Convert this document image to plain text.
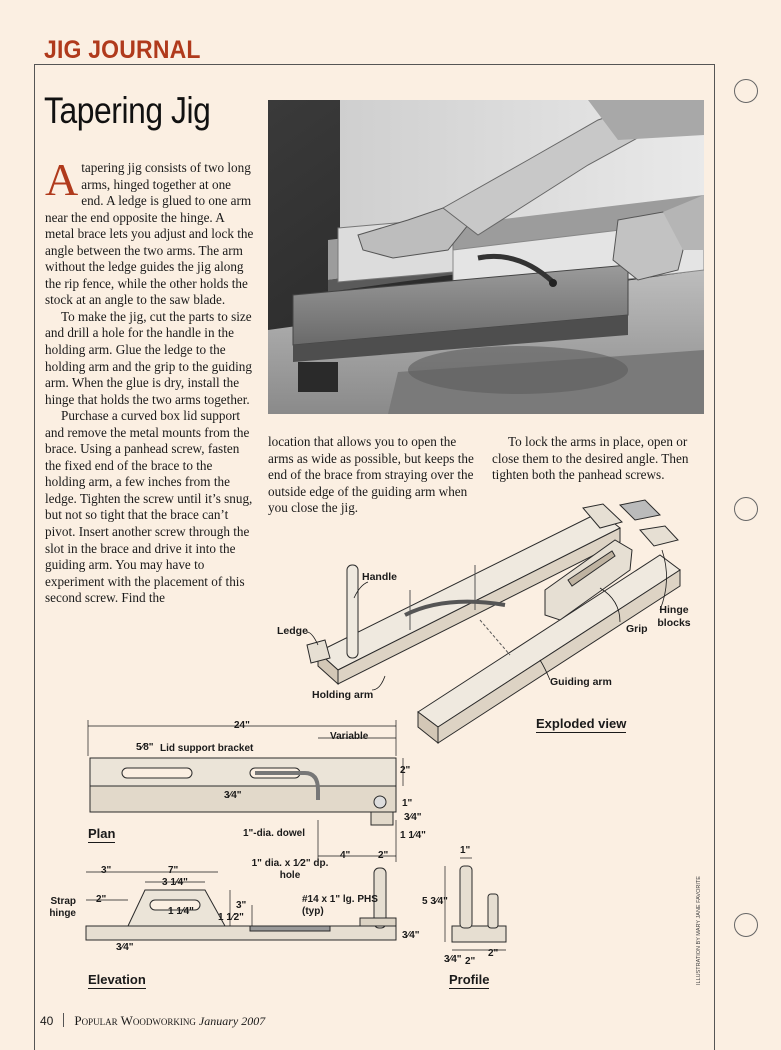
JIG JOURNAL
Tapering Jig

Atapering jig consists of two long arms, hinged together at one end. A ledge is glued to one arm near the end opposite the hinge. A metal brace lets you adjust and lock the angle between the two arms. The arm without the ledge guides the jig along the rip fence, while the other holds the stock at an angle to the saw blade.

To make the jig, cut the parts to size and drill a hole for the handle in the holding arm. Glue the ledge to the holding arm and the grip to the guiding arm. When the glue is dry, install the hinge that holds the two arms together.

Purchase a curved box lid support and remove the metal mounts from the brace. Using a panhead screw, fasten the fixed end of the brace to the holding arm, a few inches from the ledge. Tighten the screw until it’s snug, but not so tight that the brace can’t pivot. Insert another screw through the slot in the brace and drive it into the guiding arm. You may have to experiment with the placement of this second screw. Find the

location that allows you to open the arms as wide as possible, but keeps the end of the brace from straying over the outside edge of the guiding arm when you close the jig.

To lock the arms in place, open or close them to the desired angle. Then tighten both the panhead screws.

Handle
Ledge
Holding arm
Grip
Hinge blocks
Guiding arm
Exploded view
24"
Variable
5⁄8" Lid support bracket
2"
3⁄4"
1"
1"-dia. dowel
3⁄4"
1 1⁄4"
4"	2"
Plan
3"	7"
3 1⁄4"
Strap hinge
2"
1 1⁄4"
1 1⁄2"
3"
1" dia. x 1⁄2" dp. hole
#14 x 1" lg. PHS (typ)
3⁄4"
3⁄4"
Elevation
1"
5 3⁄4"
3⁄4" 2"
2"
Profile	ILLUSTRATION BY MARY JANE FAVORITE
40 Popular Woodworking January 2007
